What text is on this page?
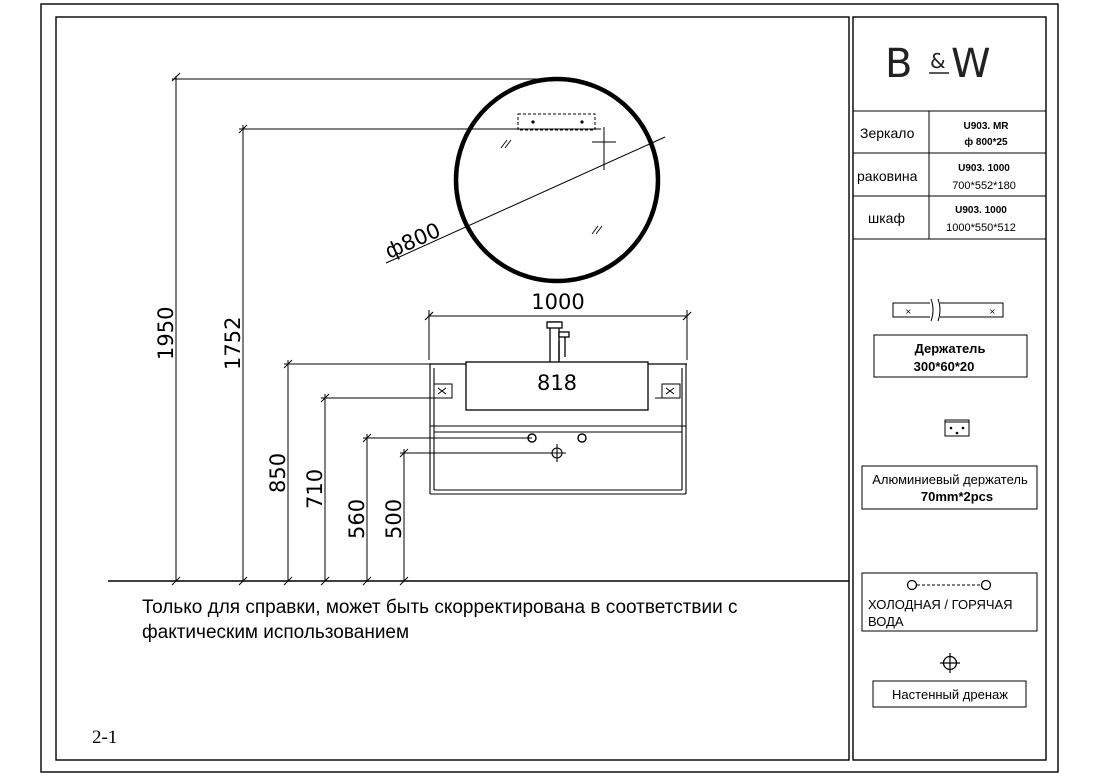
B & W
Зеркало	U903. MR
ф 800*25
раковина	U903. 1000
700*552*180
шкаф	U903. 1000
1000*550*512
×	×
Держатель
300*60*20
Алюминиевый держатель
70mm*2pcs
ХОЛОДНАЯ / ГОРЯЧАЯ
ВОДА
Настенный дренаж
ф800
1000
818
1950 1752
850 710
560 500
Только для справки, может быть скорректирована в соответствии с
фактическим использованием
2-1
